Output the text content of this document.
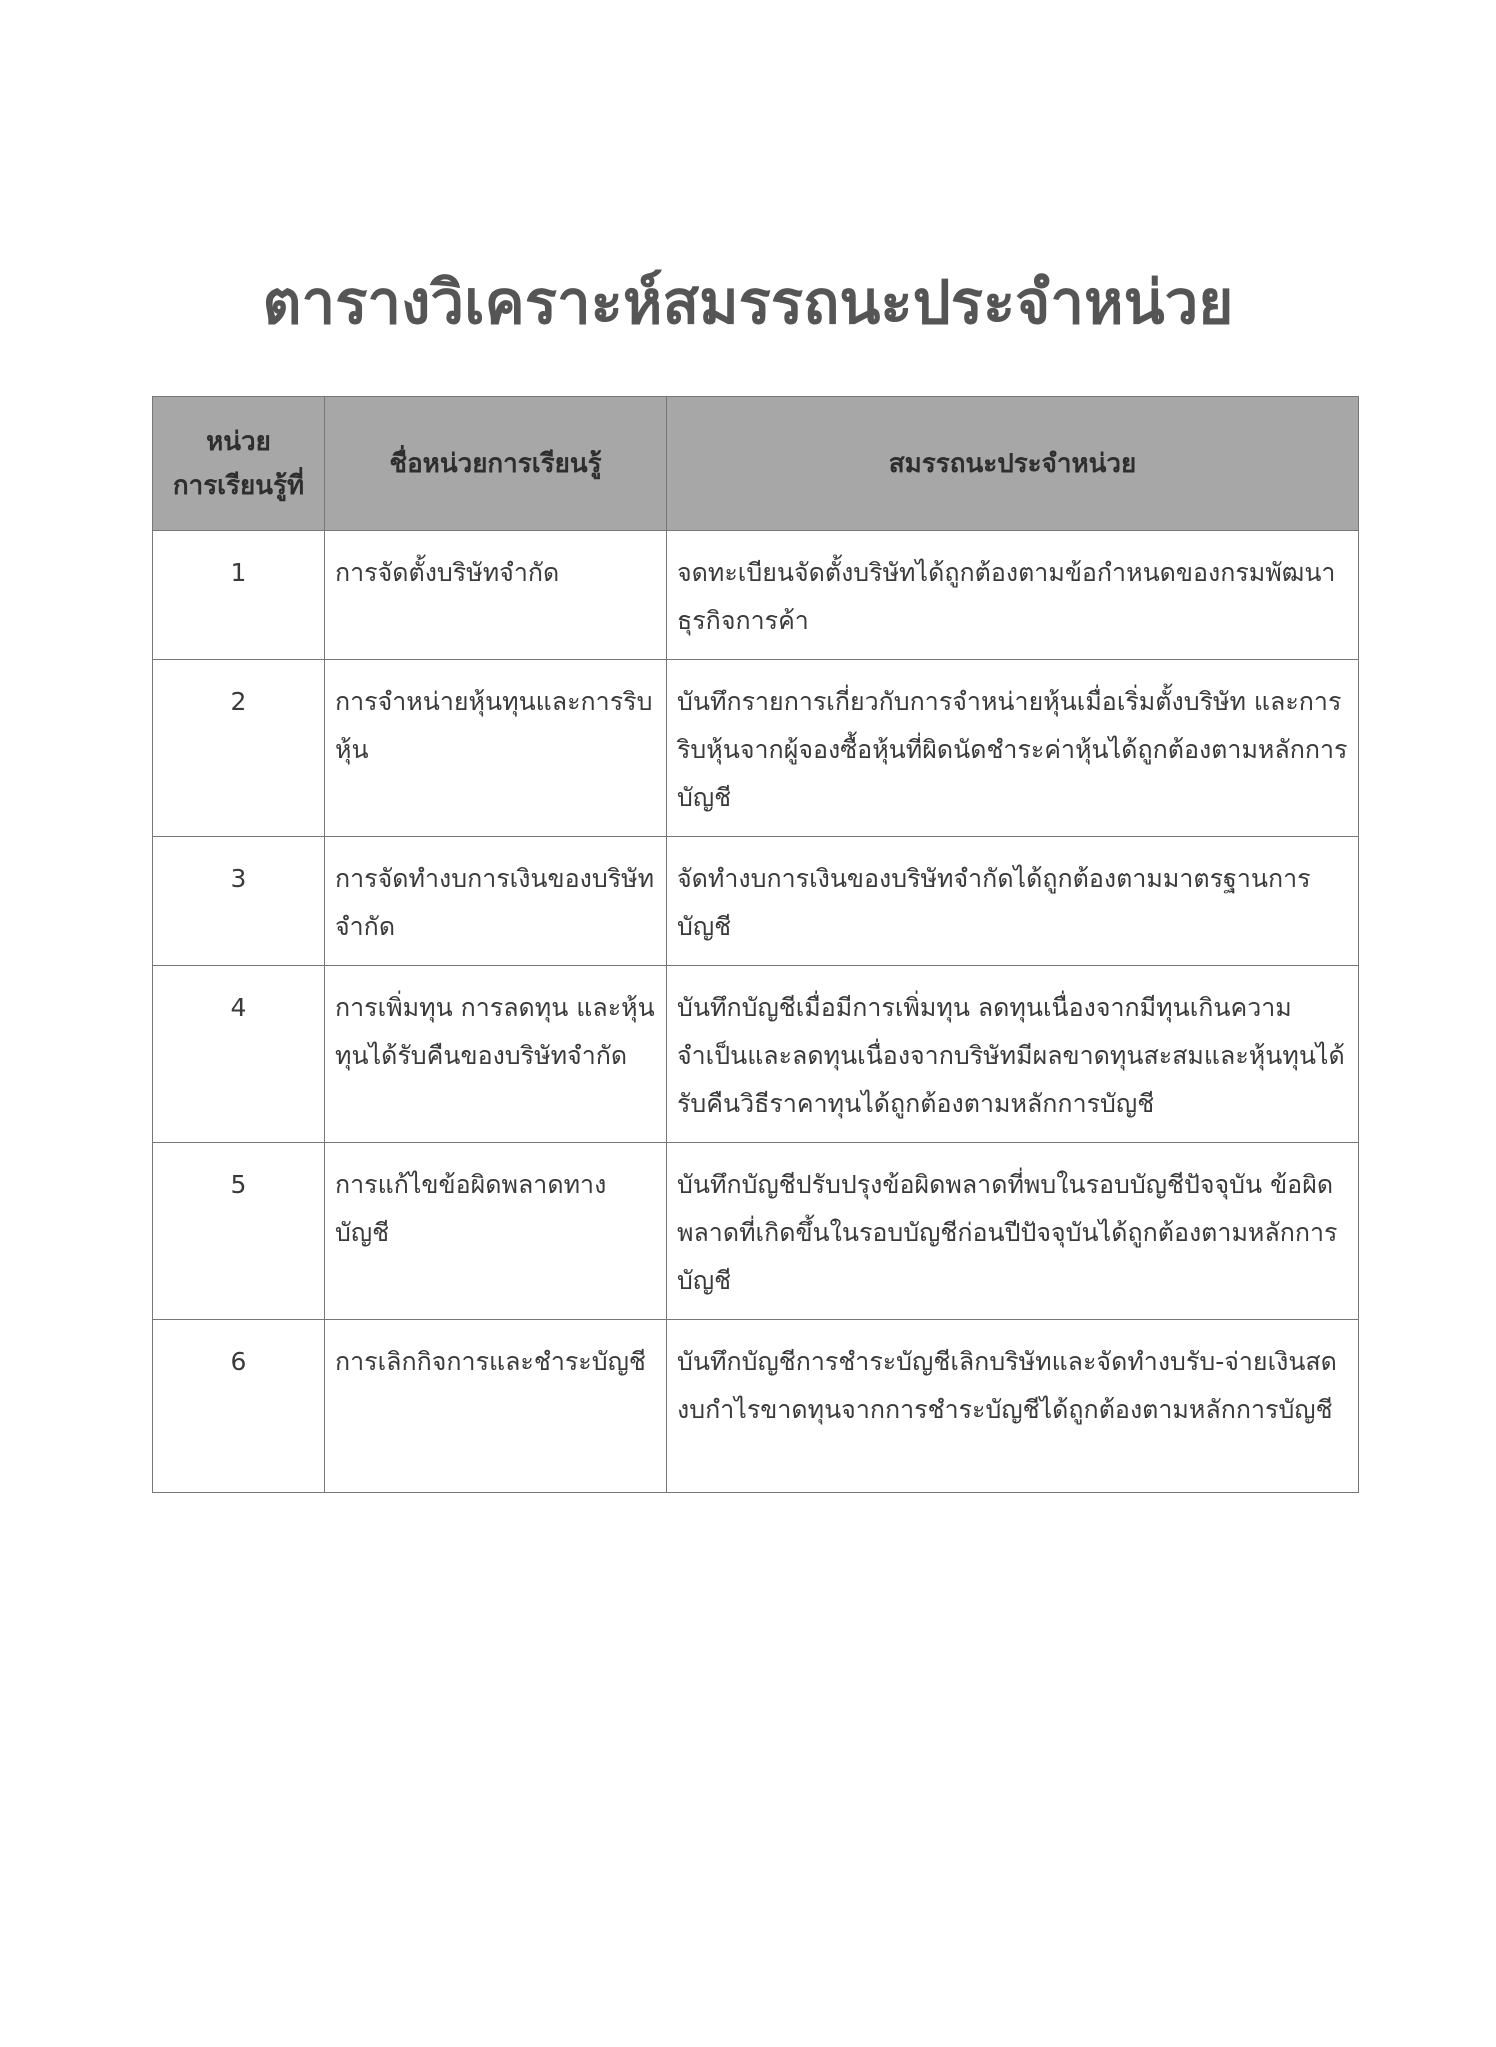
ตารางวิเคราะห์สมรรถนะประจำหน่วย
หน่วย
การเรียนรู้ที่	ชื่อหน่วยการเรียนรู้	สมรรถนะประจำหน่วย
1	การจัดตั้งบริษัทจำกัด	จดทะเบียนจัดตั้งบริษัทได้ถูกต้องตามข้อกำหนดของกรมพัฒนาธุรกิจการค้า
2	การจำหน่ายหุ้นทุนและการริบหุ้น	บันทึกรายการเกี่ยวกับการจำหน่ายหุ้นเมื่อเริ่มตั้งบริษัท และการริบหุ้นจากผู้จองซื้อหุ้นที่ผิดนัดชำระค่าหุ้นได้ถูกต้องตามหลักการบัญชี
3	การจัดทำงบการเงินของบริษัทจำกัด	จัดทำงบการเงินของบริษัทจำกัดได้ถูกต้องตามมาตรฐานการบัญชี
4	การเพิ่มทุน การลดทุน และหุ้นทุนได้รับคืนของบริษัทจำกัด	บันทึกบัญชีเมื่อมีการเพิ่มทุน ลดทุนเนื่องจากมีทุนเกินความจำเป็นและลดทุนเนื่องจากบริษัทมีผลขาดทุนสะสมและหุ้นทุนได้รับคืนวิธีราคาทุนได้ถูกต้องตามหลักการบัญชี
5	การแก้ไขข้อผิดพลาดทางบัญชี	บันทึกบัญชีปรับปรุงข้อผิดพลาดที่พบในรอบบัญชีปัจจุบัน ข้อผิดพลาดที่เกิดขึ้นในรอบบัญชีก่อนปีปัจจุบันได้ถูกต้องตามหลักการบัญชี
6	การเลิกกิจการและชำระบัญชี	บันทึกบัญชีการชำระบัญชีเลิกบริษัทและจัดทำงบรับ-จ่ายเงินสด งบกำไรขาดทุนจากการชำระบัญชีได้ถูกต้องตามหลักการบัญชี
